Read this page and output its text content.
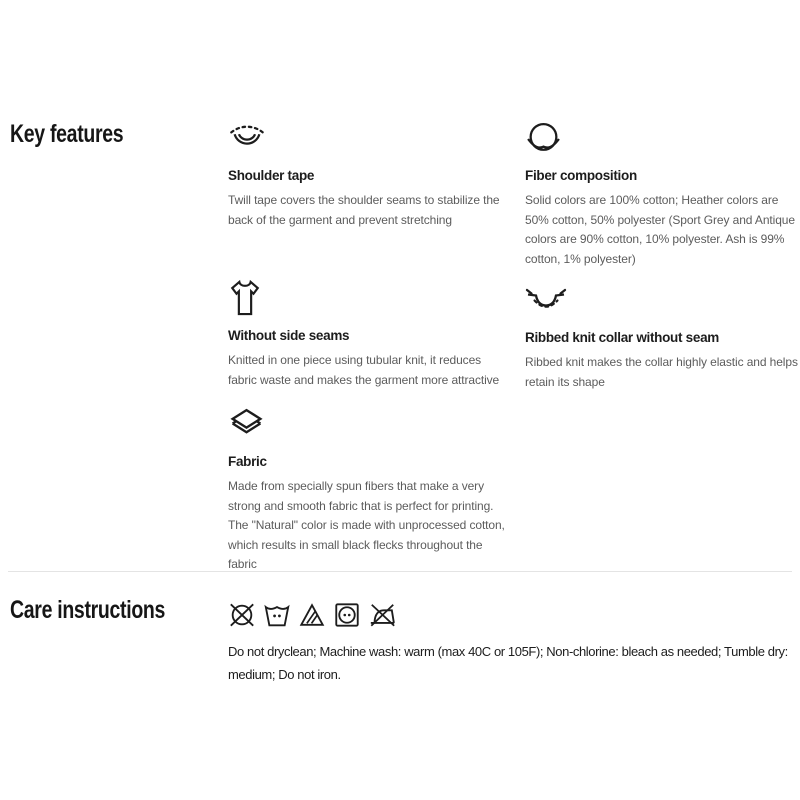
Key features
Shoulder tape

Twill tape covers the shoulder seams to stabilize the back of the garment and prevent stretching

Fiber composition

Solid colors are 100% cotton; Heather colors are 50% cotton, 50% polyester (Sport Grey and Antique colors are 90% cotton, 10% polyester. Ash is 99% cotton, 1% polyester)

Without side seams

Knitted in one piece using tubular knit, it reduces fabric waste and makes the garment more attractive

Ribbed knit collar without seam

Ribbed knit makes the collar highly elastic and helps retain its shape

Fabric

Made from specially spun fibers that make a very strong and smooth fabric that is perfect for printing. The "Natural" color is made with unprocessed cotton, which results in small black flecks throughout the fabric

Care instructions

Do not dryclean; Machine wash: warm (max 40C or 105F); Non-chlorine: bleach as needed; Tumble dry: medium; Do not iron.
